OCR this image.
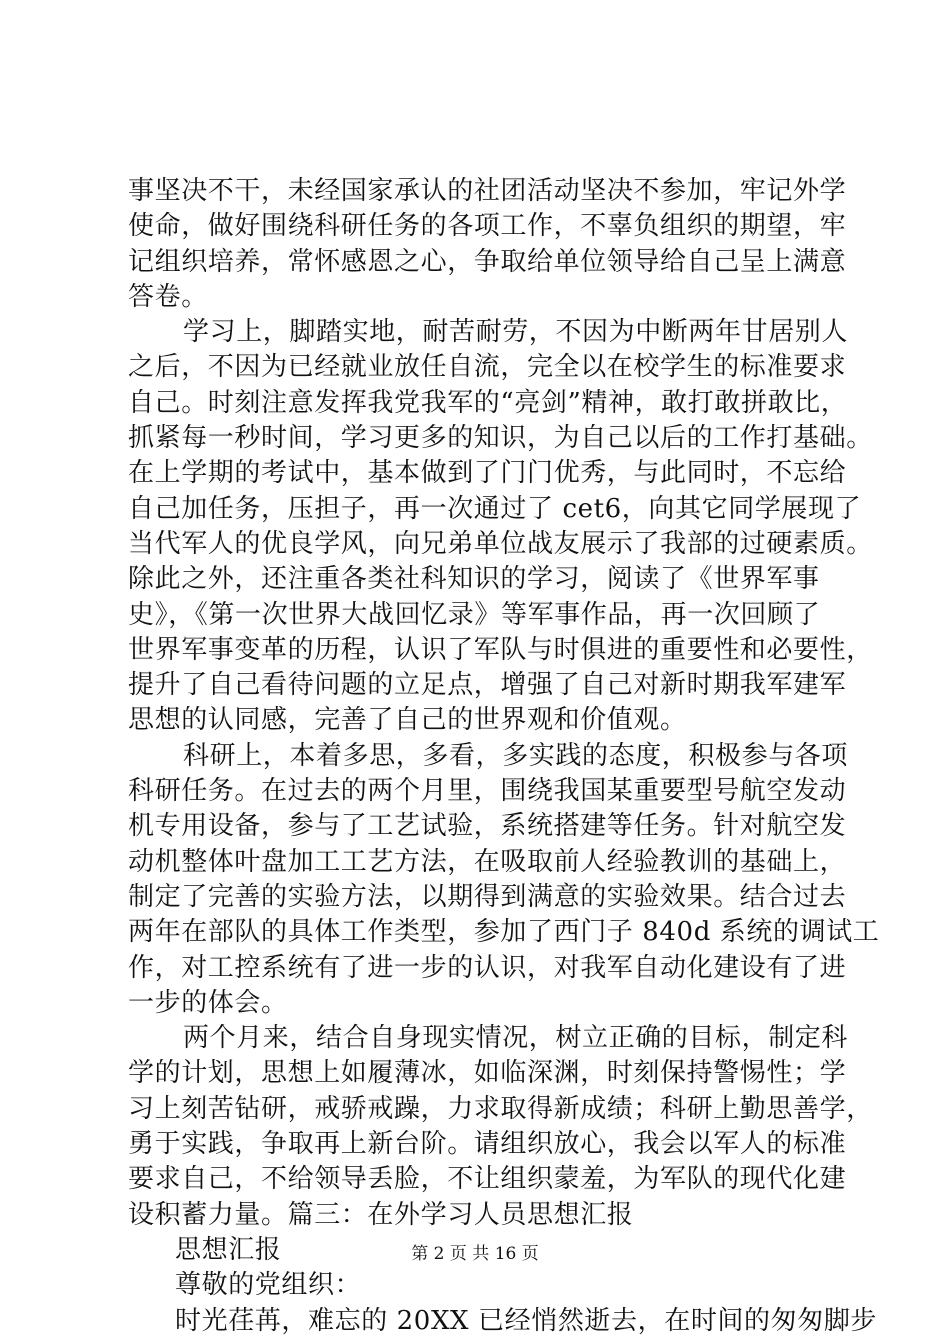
事坚决不干，未经国家承认的社团活动坚决不参加，牢记外学
使命，做好围绕科研任务的各项工作，不辜负组织的期望，牢
记组织培养，常怀感恩之心，争取给单位领导给自己呈上满意
答卷。
学习上，脚踏实地，耐苦耐劳，不因为中断两年甘居别人
之后，不因为已经就业放任自流，完全以在校学生的标准要求
自己。时刻注意发挥我党我军的“亮剑”精神，敢打敢拼敢比，
抓紧每一秒时间，学习更多的知识，为自己以后的工作打基础。
在上学期的考试中，基本做到了门门优秀，与此同时，不忘给
自己加任务，压担子，再一次通过了 cet6，向其它同学展现了
当代军人的优良学风，向兄弟单位战友展示了我部的过硬素质。
除此之外，还注重各类社科知识的学习，阅读了《世界军事
史》，《第一次世界大战回忆录》等军事作品，再一次回顾了
世界军事变革的历程，认识了军队与时俱进的重要性和必要性，
提升了自己看待问题的立足点，增强了自己对新时期我军建军
思想的认同感，完善了自己的世界观和价值观。
科研上，本着多思，多看，多实践的态度，积极参与各项
科研任务。在过去的两个月里，围绕我国某重要型号航空发动
机专用设备，参与了工艺试验，系统搭建等任务。针对航空发
动机整体叶盘加工工艺方法，在吸取前人经验教训的基础上，
制定了完善的实验方法，以期得到满意的实验效果。结合过去
两年在部队的具体工作类型，参加了西门子 840d 系统的调试工
作，对工控系统有了进一步的认识，对我军自动化建设有了进
一步的体会。
两个月来，结合自身现实情况，树立正确的目标，制定科
学的计划，思想上如履薄冰，如临深渊，时刻保持警惕性；学
习上刻苦钻研，戒骄戒躁，力求取得新成绩；科研上勤思善学，
勇于实践，争取再上新台阶。请组织放心，我会以军人的标准
要求自己，不给领导丢脸，不让组织蒙羞，为军队的现代化建
设积蓄力量。篇三：在外学习人员思想汇报
思想汇报
尊敬的党组织：
时光荏苒，难忘的 20XX 已经悄然逝去，在时间的匆匆脚步
第 2 页 共 16 页
